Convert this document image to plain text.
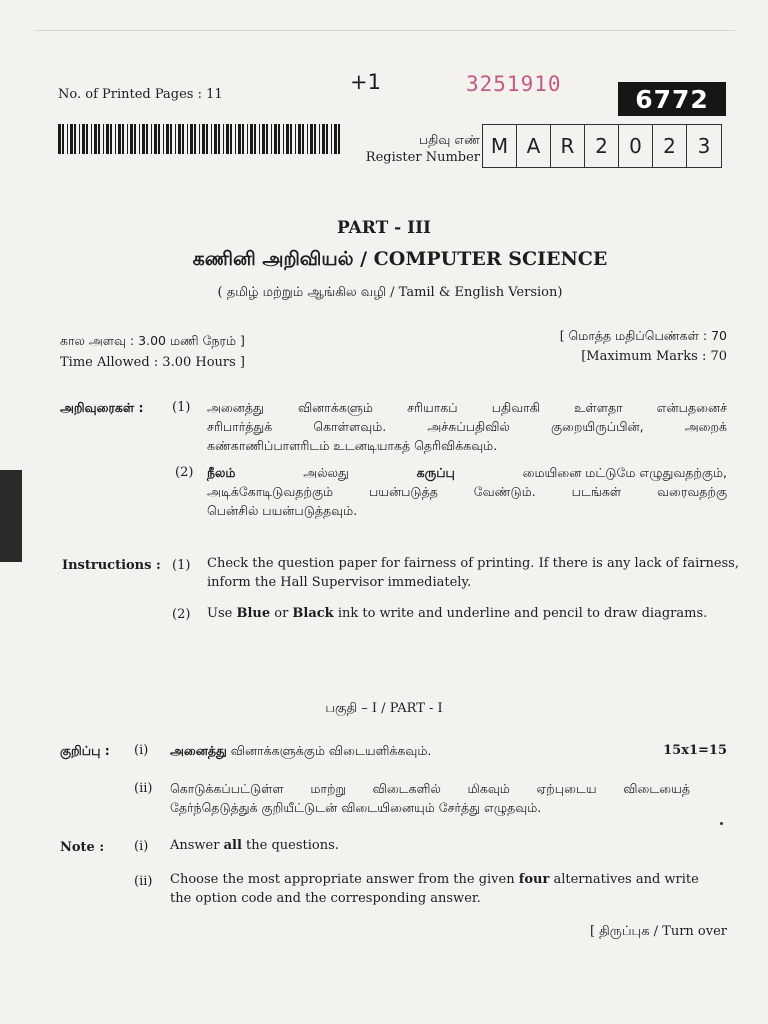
No. of Printed Pages : 11
+1	3251910
6772
பதிவு எண்
Register Number M A	R	2	0	2	3
PART - III
கணினி அறிவியல் / COMPUTER SCIENCE
( தமிழ் மற்றும் ஆங்கில வழி / Tamil & English Version)
கால அளவு : 3.00 மணி நேரம் ]
Time Allowed : 3.00 Hours ]
[ மொத்த மதிப்பெண்கள் : 70
[Maximum Marks : 70
அறிவுரைகள் : (1) அனைத்து வினாக்களும் சரியாகப் பதிவாகி உள்ளதா என்பதனைச்
சரிபார்த்துக் கொள்ளவும். அச்சுப்பதிவில் குறையிருப்பின், அறைக்
கண்காணிப்பாளரிடம் உடனடியாகத் தெரிவிக்கவும்.
(2) நீலம்	அல்லது	கருப்பு	மையினை மட்டுமே எழுதுவதற்கும்,
அடிக்கோடிடுவதற்கும் பயன்படுத்த வேண்டும். படங்கள் வரைவதற்கு
பென்சில் பயன்படுத்தவும்.
Instructions : (1) Check the question paper for fairness of printing. If there is any lack of fairness,
inform the Hall Supervisor immediately.
(2) Use Blue or Black ink to write and underline and pencil to draw diagrams.
பகுதி – I / PART - I
குறிப்பு : (i) அனைத்து வினாக்களுக்கும் விடையளிக்கவும்.	15x1=15
(ii) கொடுக்கப்பட்டுள்ள மாற்று விடைகளில் மிகவும் ஏற்புடைய விடையைத்
தேர்ந்தெடுத்துக் குறியீட்டுடன் விடையினையும் சேர்த்து எழுதவும்.
Note : (i) Answer all the questions.
(ii) Choose the most appropriate answer from the given four alternatives and write
the option code and the corresponding answer.
[ திருப்புக / Turn over
